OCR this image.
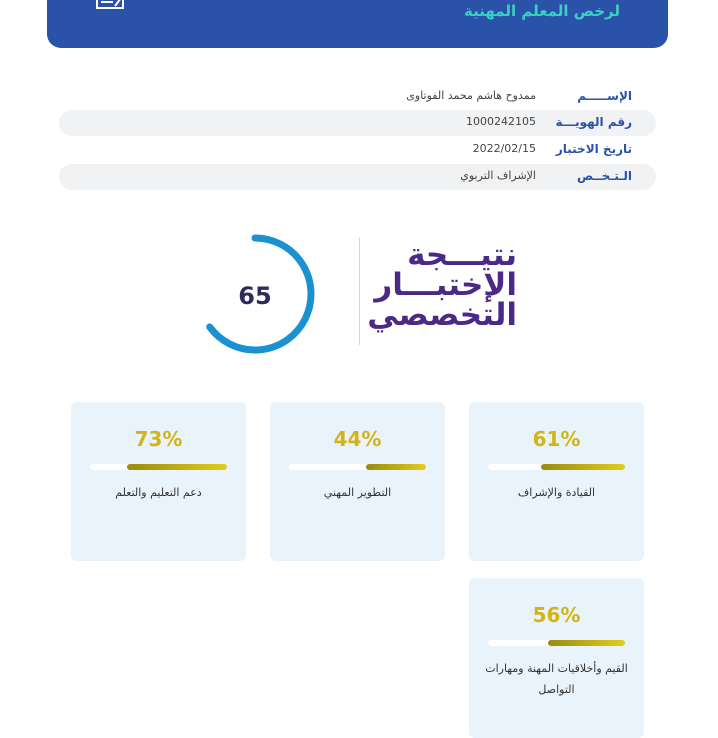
لرخص المعلم المهنية
الإســـــم
ممدوح هاشم محمد الفوتاوى
رقم الهويـــة
1000242105
تاريخ الاختبار
2022/02/15
الـتـخــص
الإشراف التربوي
65
نتيـــجة
الإختبـــار
التخصصي
61%
القيادة والإشراف
44%
التطوير المهني
73%
دعم التعليم والتعلم
56%
القيم وأخلاقيات المهنة ومهارات التواصل
